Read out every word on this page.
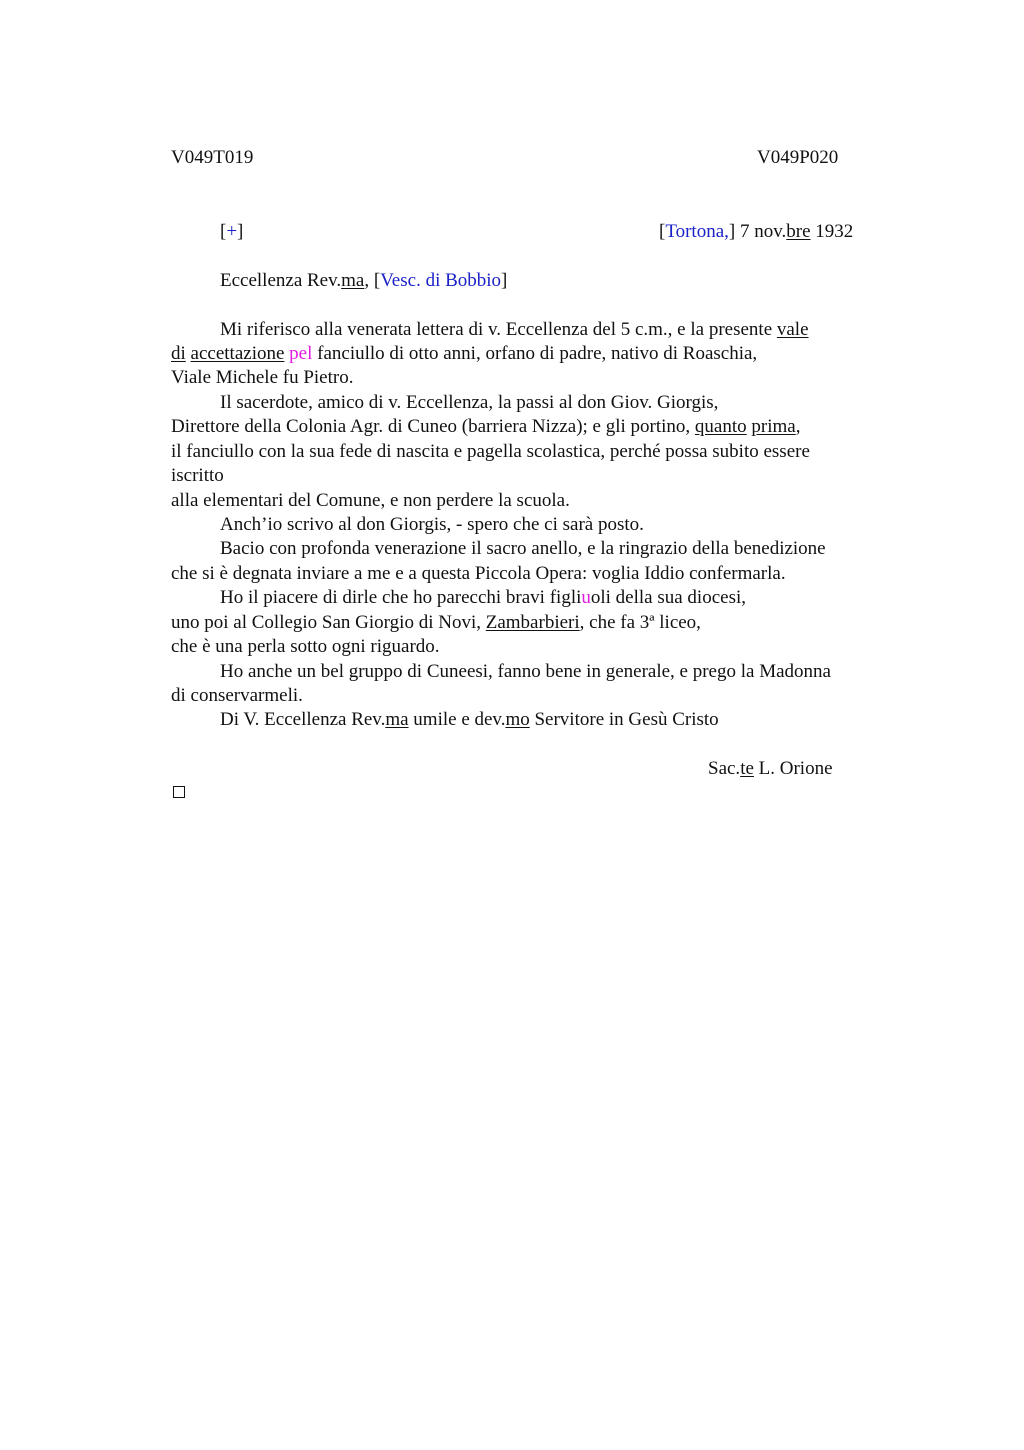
V049T019	V049P020
[+]	[Tortona,] 7 nov.bre 1932
Eccellenza Rev.ma, [Vesc. di Bobbio]
Mi riferisco alla venerata lettera di v. Eccellenza del 5 c.m., e la presente vale
di accettazione pel fanciullo di otto anni, orfano di padre, nativo di Roaschia,
Viale Michele fu Pietro.
Il sacerdote, amico di v. Eccellenza, la passi al don Giov. Giorgis,
Direttore della Colonia Agr. di Cuneo (barriera Nizza); e gli portino, quanto prima,
il fanciullo con la sua fede di nascita e pagella scolastica, perché possa subito essere
iscritto
alla elementari del Comune, e non perdere la scuola.
Anch’io scrivo al don Giorgis, - spero che ci sarà posto.
Bacio con profonda venerazione il sacro anello, e la ringrazio della benedizione
che si è degnata inviare a me e a questa Piccola Opera: voglia Iddio confermarla.
Ho il piacere di dirle che ho parecchi bravi figliuoli della sua diocesi,
uno poi al Collegio San Giorgio di Novi, Zambarbieri, che fa 3ª liceo,
che è una perla sotto ogni riguardo.
Ho anche un bel gruppo di Cuneesi, fanno bene in generale, e prego la Madonna
di conservarmeli.
Di V. Eccellenza Rev.ma umile e dev.mo Servitore in Gesù Cristo
Sac.te L. Orione
